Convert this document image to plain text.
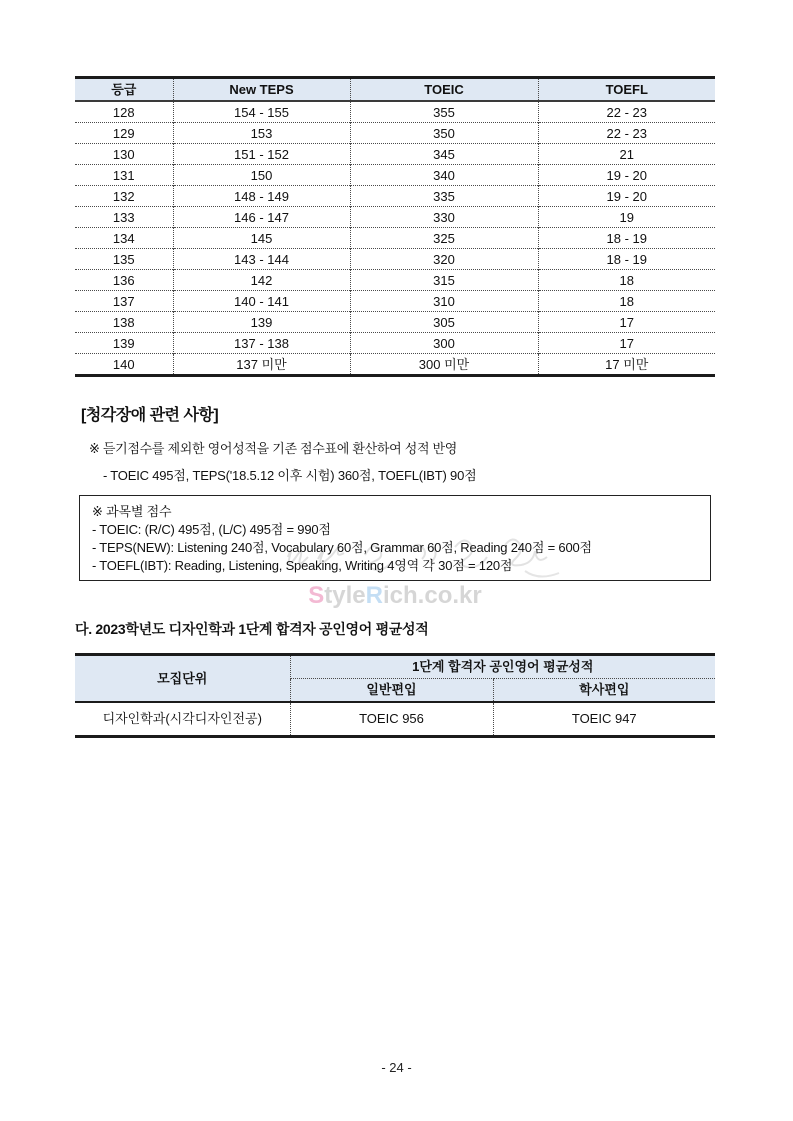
등급	New TEPS	TOEIC	TOEFL
128	154 - 155	355	22 - 23
129	153	350	22 - 23
130	151 - 152	345	21
131	150	340	19 - 20
132	148 - 149	335	19 - 20
133	146 - 147	330	19
134	145	325	18 - 19
135	143 - 144	320	18 - 19
136	142	315	18
137	140 - 141	310	18
138	139	305	17
139	137 - 138	300	17
140	137 미만	300 미만	17 미만
[청각장애 관련 사항]
※ 듣기점수를 제외한 영어성적을 기존 점수표에 환산하여 성적 반영
- TOEIC 495점, TEPS('18.5.12 이후 시험) 360점, TOEFL(IBT) 90점
※ 과목별 점수
- TOEIC: (R/C) 495점, (L/C) 495점 = 990점
- TEPS(NEW): Listening 240점, Vocabulary 60점, Grammar 60점, Reading 240점 = 600점
- TOEFL(IBT): Reading, Listening, Speaking, Writing 4영역 각 30점 = 120점
StyleRich.co.kr
다. 2023학년도 디자인학과 1단계 합격자 공인영어 평균성적
모집단위	1단계 합격자 공인영어 평균성적	
	일반편입	학사편입
디자인학과(시각디자인전공)	TOEIC 956	TOEIC 947
- 24 -
